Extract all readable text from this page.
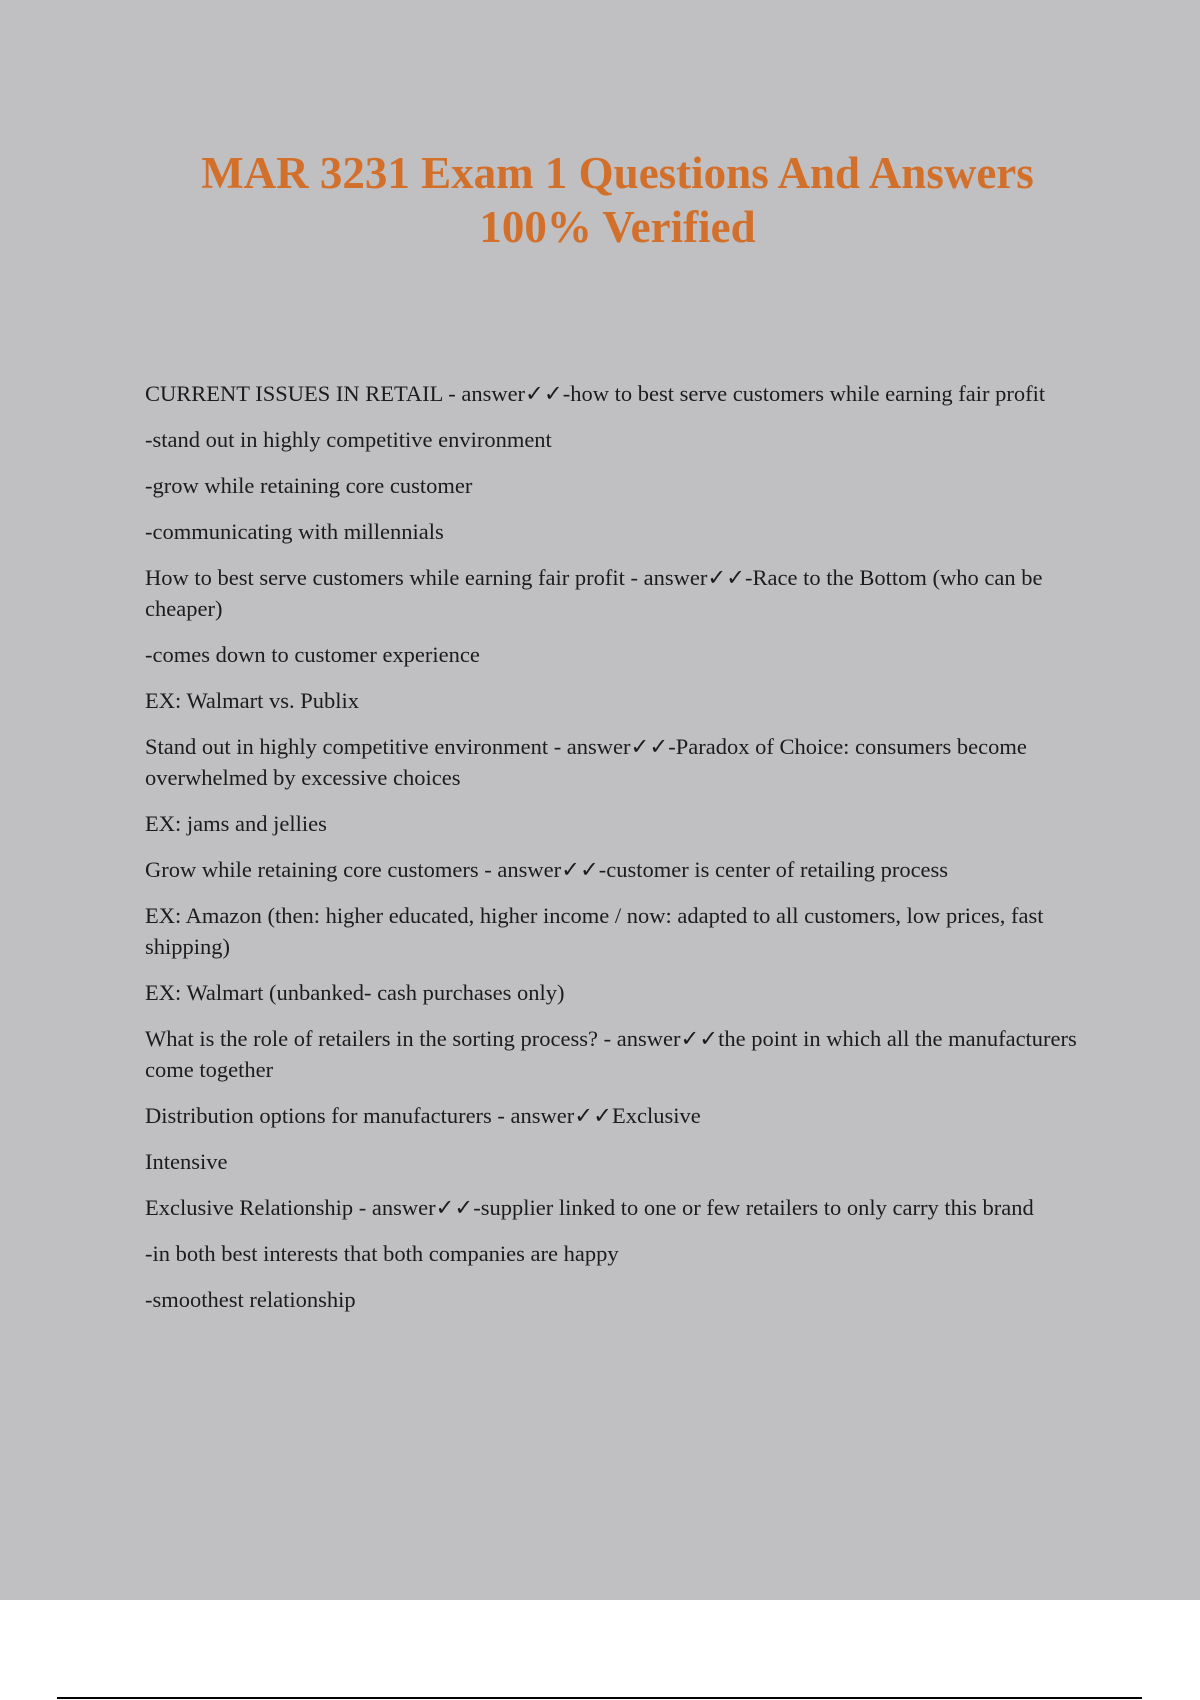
MAR 3231 Exam 1 Questions And Answers
100% Verified

CURRENT ISSUES IN RETAIL - answer✓✓-how to best serve customers while earning fair profit

-stand out in highly competitive environment

-grow while retaining core customer

-communicating with millennials

How to best serve customers while earning fair profit - answer✓✓-Race to the Bottom (who can be cheaper)

-comes down to customer experience

EX: Walmart vs. Publix

Stand out in highly competitive environment - answer✓✓-Paradox of Choice: consumers become overwhelmed by excessive choices

EX: jams and jellies

Grow while retaining core customers - answer✓✓-customer is center of retailing process

EX: Amazon (then: higher educated, higher income / now: adapted to all customers, low prices, fast shipping)

EX: Walmart (unbanked- cash purchases only)

What is the role of retailers in the sorting process? - answer✓✓the point in which all the manufacturers come together

Distribution options for manufacturers - answer✓✓Exclusive

Intensive

Exclusive Relationship - answer✓✓-supplier linked to one or few retailers to only carry this brand

-in both best interests that both companies are happy

-smoothest relationship
